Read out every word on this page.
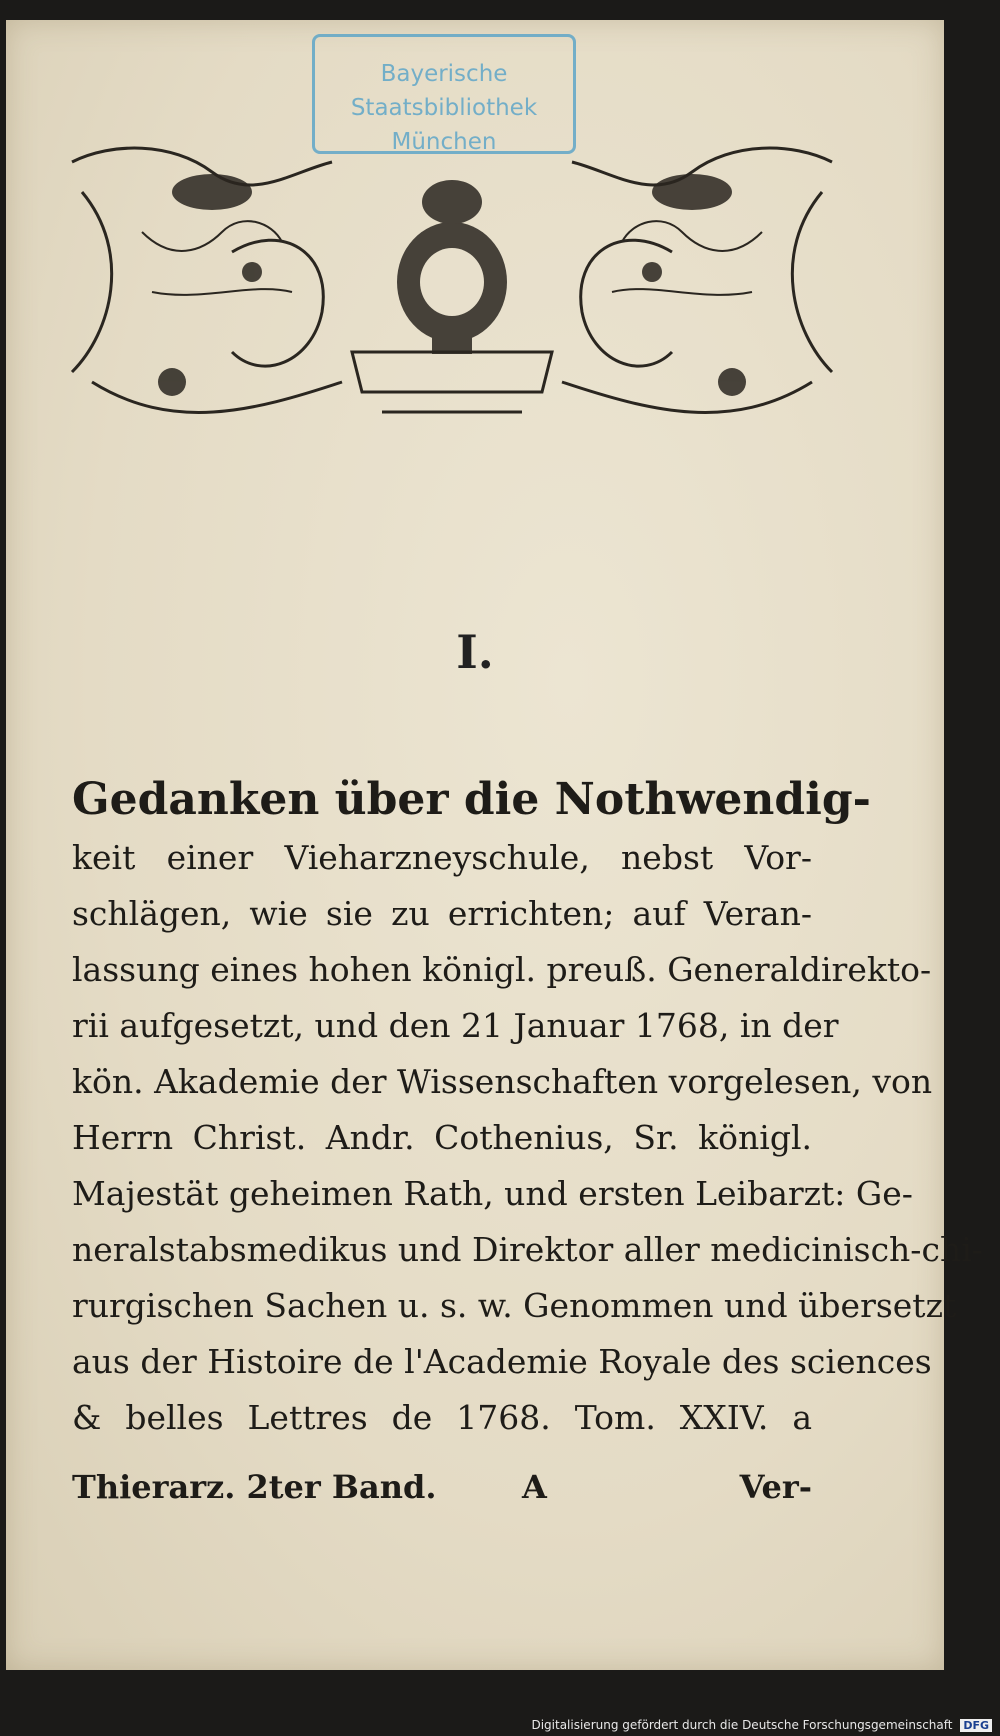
Bayerische
Staatsbibliothek
München
I.
Gedanken über die Nothwendig-
keit einer Vieharzneyschule, nebst Vor-
schlägen, wie sie zu errichten; auf Veran-
lassung eines hohen königl. preuß. Generaldirekto-
rii aufgesetzt, und den 21 Januar 1768, in der
kön. Akademie der Wissenschaften vorgelesen, von
Herrn Christ. Andr. Cothenius, Sr. königl.
Majestät geheimen Rath, und ersten Leibarzt: Ge-
neralstabsmedikus und Direktor aller medicinisch-chi-
rurgischen Sachen u. s. w. Genommen und übersetzt
aus der Histoire de l'Academie Royale des sciences
& belles Lettres de 1768. Tom. XXIV. a
Thierarz. 2ter Band.	A	Ver-
Digitalisierung gefördert durch die Deutsche Forschungsgemeinschaft DFG
